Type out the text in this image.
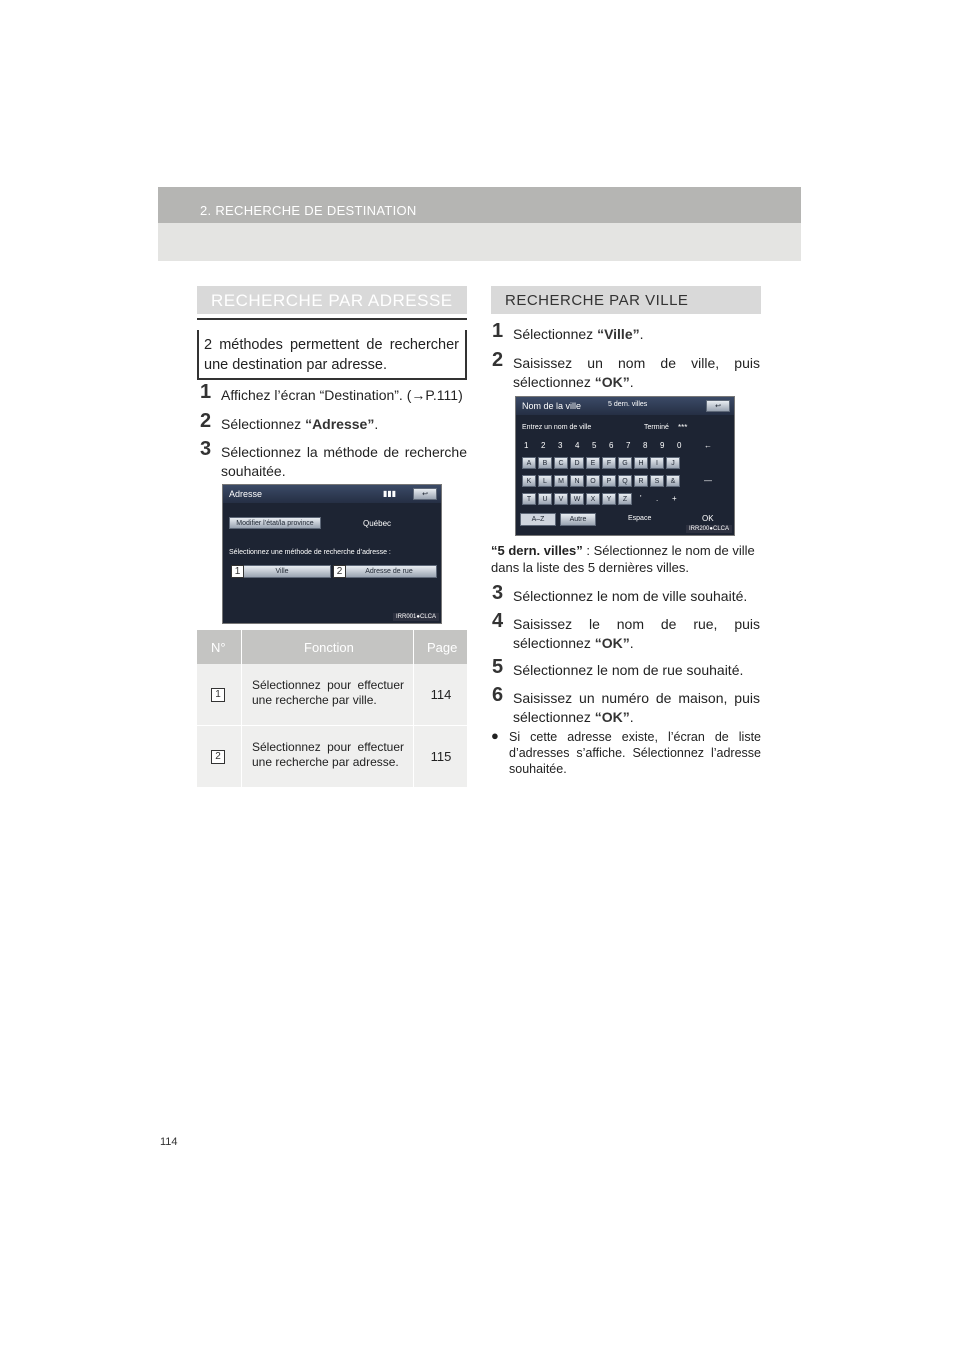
2. RECHERCHE DE DESTINATION
RECHERCHE PAR ADRESSE

2 méthodes permettent de rechercher une destination par adresse.

1 Affichez l’écran “Destination”. (→P.111)
2 Sélectionnez “Adresse”.
3 Sélectionnez la méthode de recherche souhaitée.
Adresse	▮▮▮	↩
Modifier l’état/la province	Québec
Sélectionnez une méthode de recherche d’adresse :
Ville	Adresse de rue
1	2
IRR001●CLCA
N°	Fonction	Page
1
Sélectionnez pour effectuer une recherche par ville.	114
2
Sélectionnez pour effectuer une recherche par adresse.	115
RECHERCHE PAR VILLE
1 Sélectionnez “Ville”.
2 Saisissez un nom de ville, puis sélectionnez “OK”.
Nom de la ville	5 dern. villes	↩
Entrez un nom de ville	Terminé ***
1 2 3 4 5 6 7 8 9 0	←
A	B	C	D	E	F	G	H	I	J
K	L	M	N	O	P	Q	R	S	&	—
T	U	V	W	X	Y	Z	' . +
A–Z	Autre	Espace	OK
IRR200●CLCA
“5 dern. villes” : Sélectionnez le nom de ville dans la liste des 5 dernières villes.
3 Sélectionnez le nom de ville souhaité.
4 Saisissez le nom de rue, puis sélectionnez “OK”.
5 Sélectionnez le nom de rue souhaité.
6 Saisissez un numéro de maison, puis sélectionnez “OK”.
● Si cette adresse existe, l’écran de liste d’adresses s’affiche. Sélectionnez l’adresse souhaitée.
114
